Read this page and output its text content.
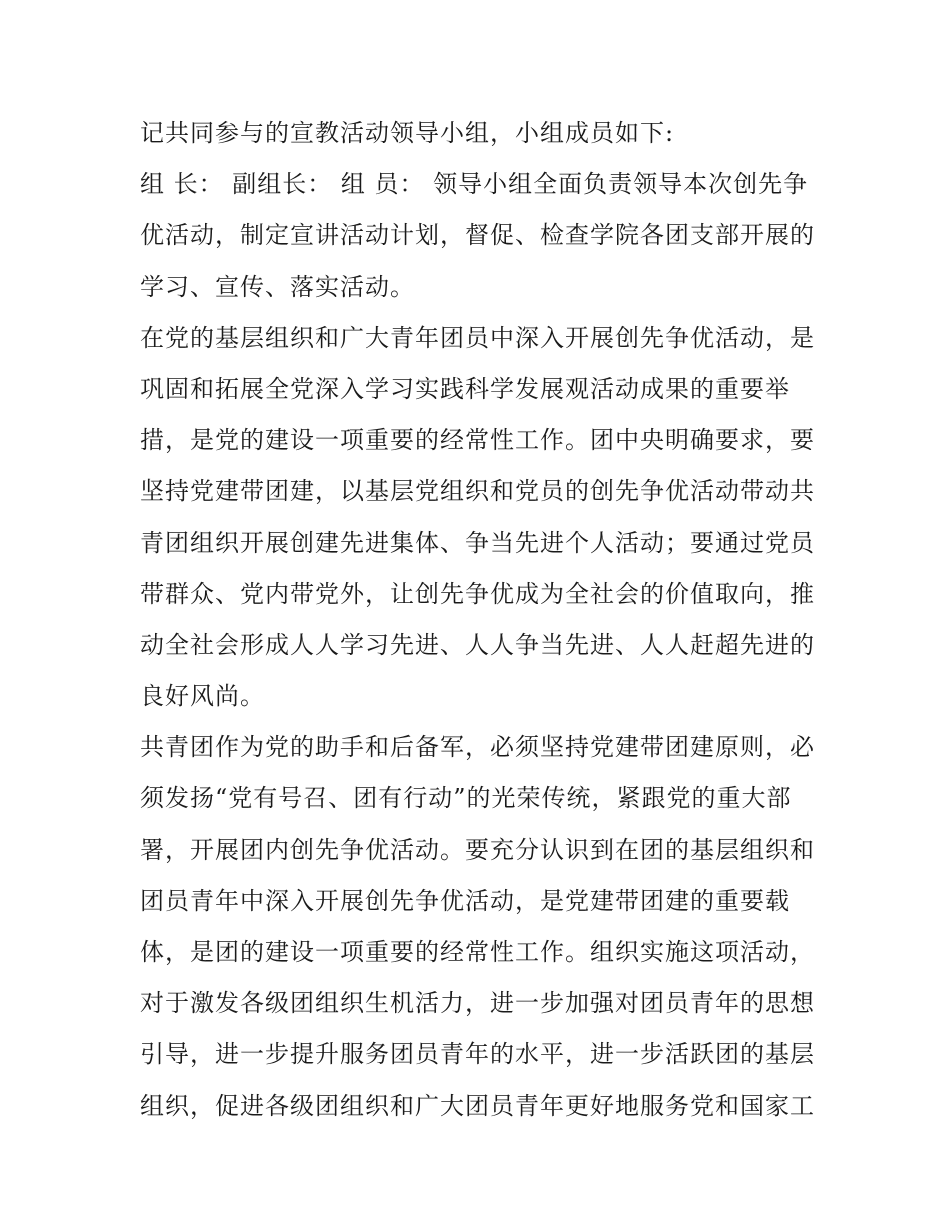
记共同参与的宣教活动领导小组，小组成员如下:
组 长： 副组长： 组 员： 领导小组全面负责领导本次创先争
优活动，制定宣讲活动计划，督促、检查学院各团支部开展的
学习、宣传、落实活动。
在党的基层组织和广大青年团员中深入开展创先争优活动，是
巩固和拓展全党深入学习实践科学发展观活动成果的重要举
措，是党的建设一项重要的经常性工作。团中央明确要求，要
坚持党建带团建，以基层党组织和党员的创先争优活动带动共
青团组织开展创建先进集体、争当先进个人活动；要通过党员
带群众、党内带党外，让创先争优成为全社会的价值取向，推
动全社会形成人人学习先进、人人争当先进、人人赶超先进的
良好风尚。
共青团作为党的助手和后备军，必须坚持党建带团建原则，必
须发扬“党有号召、团有行动”的光荣传统，紧跟党的重大部
署，开展团内创先争优活动。要充分认识到在团的基层组织和
团员青年中深入开展创先争优活动，是党建带团建的重要载
体，是团的建设一项重要的经常性工作。组织实施这项活动，
对于激发各级团组织生机活力，进一步加强对团员青年的思想
引导，进一步提升服务团员青年的水平，进一步活跃团的基层
组织，促进各级团组织和广大团员青年更好地服务党和国家工
